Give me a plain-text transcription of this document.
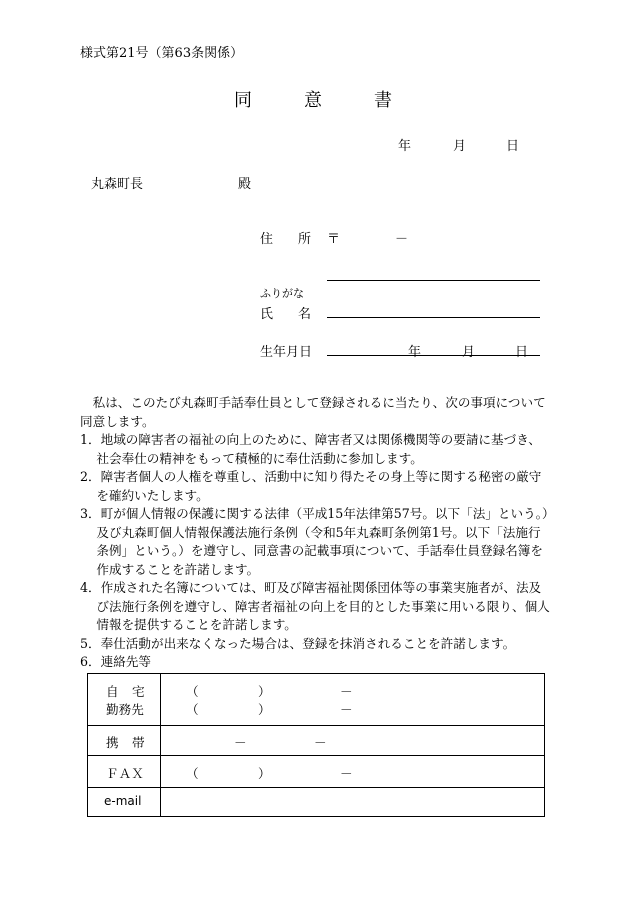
様式第21号（第63条関係）
同	意	書
年	月	日
丸森町長	殿
住 所 〒	－
ふりがな
氏 名
生年月日	年	月	日

私は、このたび丸森町手話奉仕員として登録されるに当たり、次の事項について同意します。

1．地域の障害者の福祉の向上のために、障害者又は関係機関等の要請に基づき、社会奉仕の精神をもって積極的に奉仕活動に参加します。

2．障害者個人の人権を尊重し、活動中に知り得たその身上等に関する秘密の厳守を確約いたします。

3．町が個人情報の保護に関する法律（平成15年法律第57号。以下「法」という。）及び丸森町個人情報保護法施行条例（令和5年丸森町条例第1号。以下「法施行条例」という。）を遵守し、同意書の記載事項について、手話奉仕員登録名簿を作成することを許諾します。

4．作成された名簿については、町及び障害福祉関係団体等の事業実施者が、法及び法施行条例を遵守し、障害者福祉の向上を目的とした事業に用いる限り、個人情報を提供することを許諾します。

5．奉仕活動が出来なくなった場合は、登録を抹消されることを許諾します。

6．連絡先等

自 宅	（	）	－
勤務先	（	）	－
携 帯	－	－
ＦＡＸ	（	）	－
e-mail
